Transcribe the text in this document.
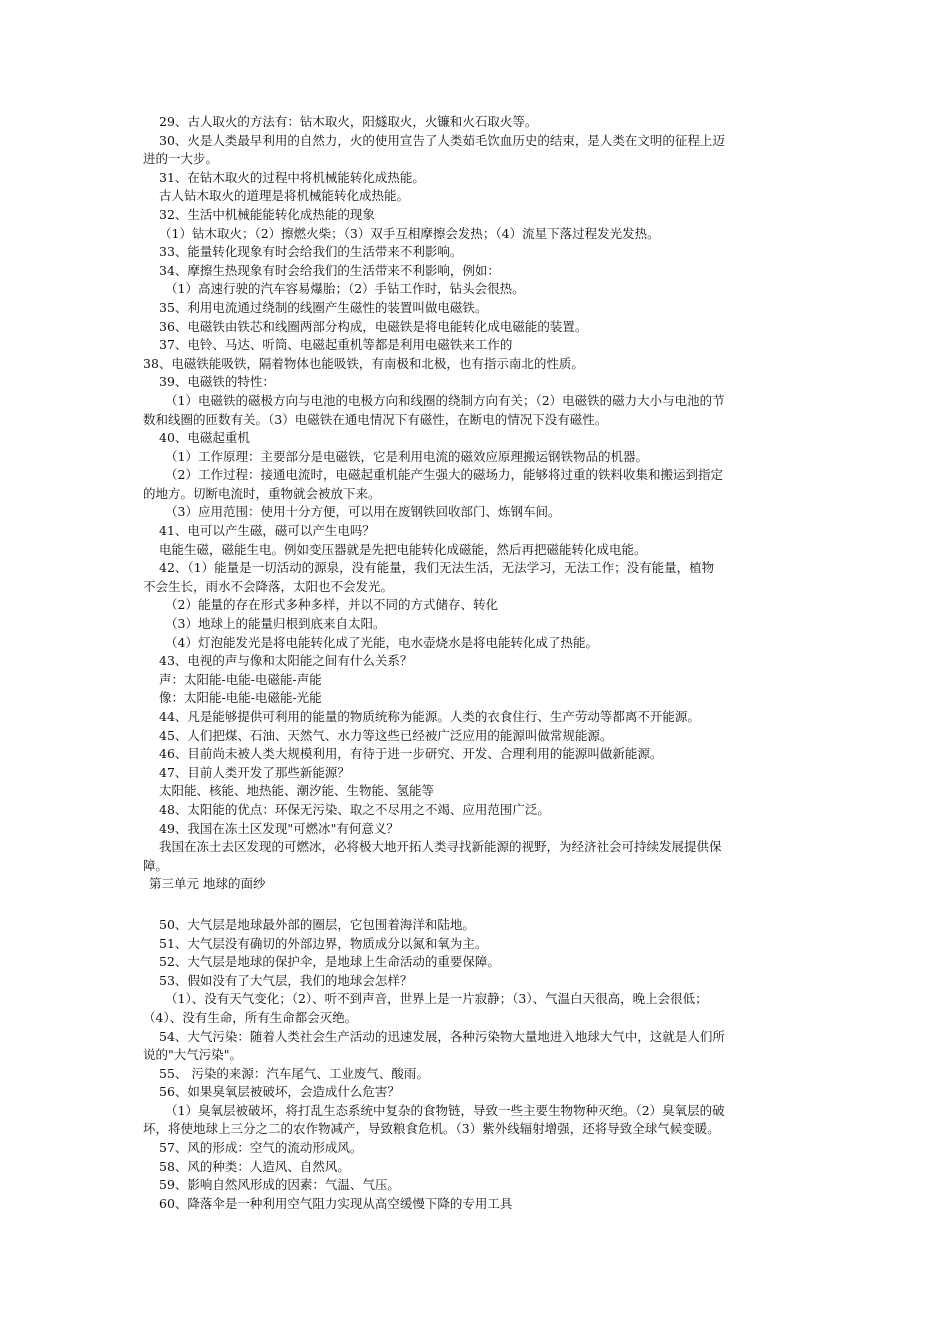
29、古人取火的方法有：钻木取火，阳燧取火，火镰和火石取火等。
30、火是人类最早利用的自然力，火的使用宣告了人类茹毛饮血历史的结束，是人类在文明的征程上迈
进的一大步。
31、在钻木取火的过程中将机械能转化成热能。
古人钻木取火的道理是将机械能转化成热能。
32、生活中机械能能转化成热能的现象
（1）钻木取火；（2）擦燃火柴；（3）双手互相摩擦会发热；（4）流星下落过程发光发热。
33、能量转化现象有时会给我们的生活带来不利影响。
34、摩擦生热现象有时会给我们的生活带来不利影响，例如：
（1）高速行驶的汽车容易爆胎；（2）手钻工作时，钻头会很热。
35、利用电流通过绕制的线圈产生磁性的装置叫做电磁铁。
36、电磁铁由铁芯和线圈两部分构成，电磁铁是将电能转化成电磁能的装置。
37、电铃、马达、听筒、电磁起重机等都是利用电磁铁来工作的
38、电磁铁能吸铁，隔着物体也能吸铁，有南极和北极，也有指示南北的性质。
39、电磁铁的特性：
（1）电磁铁的磁极方向与电池的电极方向和线圈的绕制方向有关；（2）电磁铁的磁力大小与电池的节
数和线圈的匝数有关。（3）电磁铁在通电情况下有磁性，在断电的情况下没有磁性。
40、电磁起重机
（1）工作原理：主要部分是电磁铁，它是利用电流的磁效应原理搬运钢铁物品的机器。
（2）工作过程：接通电流时，电磁起重机能产生强大的磁场力，能够将过重的铁料收集和搬运到指定
的地方。切断电流时，重物就会被放下来。
（3）应用范围：使用十分方便，可以用在废钢铁回收部门、炼钢车间。
41、电可以产生磁，磁可以产生电吗？
电能生磁，磁能生电。例如变压器就是先把电能转化成磁能，然后再把磁能转化成电能。
42、（1）能量是一切活动的源泉，没有能量，我们无法生活，无法学习，无法工作；没有能量，植物
不会生长，雨水不会降落，太阳也不会发光。
（2）能量的存在形式多种多样，并以不同的方式储存、转化
（3）地球上的能量归根到底来自太阳。
（4）灯泡能发光是将电能转化成了光能，电水壶烧水是将电能转化成了热能。
43、电视的声与像和太阳能之间有什么关系？
声：太阳能-电能-电磁能-声能
像：太阳能-电能-电磁能-光能
44、凡是能够提供可利用的能量的物质统称为能源。人类的衣食住行、生产劳动等都离不开能源。
45、人们把煤、石油、天然气、水力等这些已经被广泛应用的能源叫做常规能源。
46、目前尚未被人类大规模利用，有待于进一步研究、开发、合理利用的能源叫做新能源。
47、目前人类开发了那些新能源？
太阳能、核能、地热能、潮汐能、生物能、氢能等
48、太阳能的优点：环保无污染、取之不尽用之不竭、应用范围广泛。
49、我国在冻土区发现"可燃冰"有何意义？
我国在冻土去区发现的可燃冰，必将极大地开拓人类寻找新能源的视野，为经济社会可持续发展提供保
障。
第三单元 地球的面纱
50、大气层是地球最外部的圈层，它包围着海洋和陆地。
51、大气层没有确切的外部边界，物质成分以氮和氧为主。
52、大气层是地球的保护伞，是地球上生命活动的重要保障。
53、假如没有了大气层，我们的地球会怎样？
（1）、没有天气变化；（2）、听不到声音，世界上是一片寂静；（3）、气温白天很高，晚上会很低；
（4）、没有生命，所有生命都会灭绝。
54、大气污染：随着人类社会生产活动的迅速发展，各种污染物大量地进入地球大气中，这就是人们所
说的"大气污染"。
55、 污染的来源：汽车尾气、工业废气、酸雨。
56、如果臭氧层被破坏，会造成什么危害？
（1）臭氧层被破坏，将打乱生态系统中复杂的食物链，导致一些主要生物物种灭绝。（2）臭氧层的破
坏，将使地球上三分之二的农作物减产，导致粮食危机。（3）紫外线辐射增强，还将导致全球气候变暖。
57、风的形成：空气的流动形成风。
58、风的种类：人造风、自然风。
59、影响自然风形成的因素：气温、气压。
60、降落伞是一种利用空气阻力实现从高空缓慢下降的专用工具
